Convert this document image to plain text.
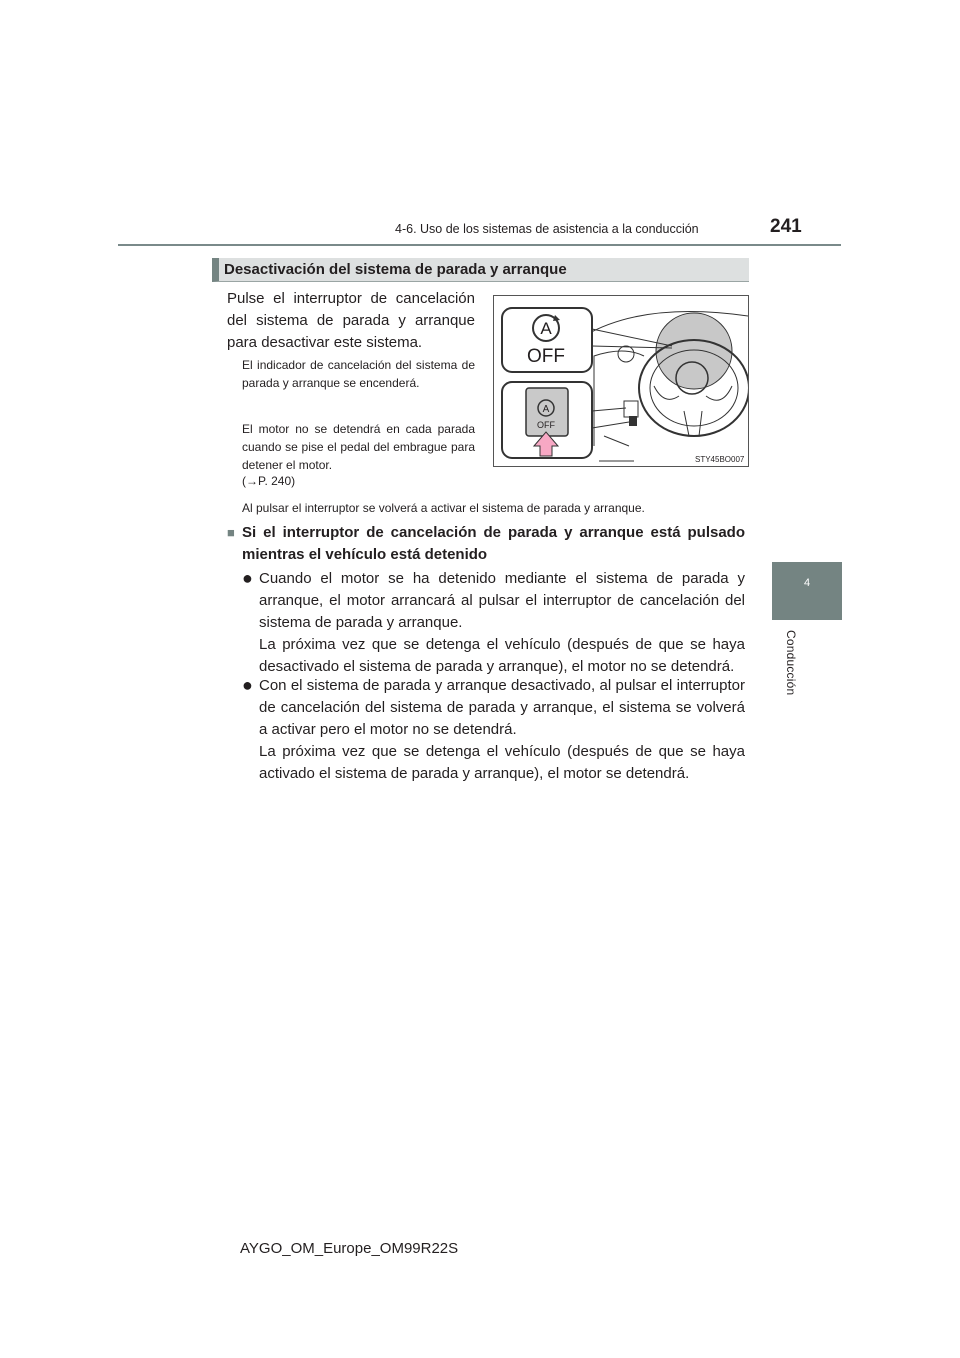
4-6. Uso de los sistemas de asistencia a la conducción	241
4
Conducción
Desactivación del sistema de parada y arranque
Pulse el interruptor de cancelación del sistema de parada y arranque para desactivar este sistema.
El indicador de cancelación del sistema de parada y arranque se encenderá.
El motor no se detendrá en cada parada cuando se pise el pedal del embrague para detener el motor.
(→P. 240)
Al pulsar el interruptor se volverá a activar el sistema de parada y arranque.
A
OFF
A
OFF
STY45BO007
■ Si el interruptor de cancelación de parada y arranque está pulsado mientras el vehículo está detenido
● Cuando el motor se ha detenido mediante el sistema de parada y arranque, el motor arrancará al pulsar el interruptor de cancelación del sistema de parada y arranque.

La próxima vez que se detenga el vehículo (después de que se haya desactivado el sistema de parada y arranque), el motor no se detendrá.

● Con el sistema de parada y arranque desactivado, al pulsar el interruptor de cancelación del sistema de parada y arranque, el sistema se volverá a activar pero el motor no se detendrá.

La próxima vez que se detenga el vehículo (después de que se haya activado el sistema de parada y arranque), el motor se detendrá.

AYGO_OM_Europe_OM99R22S
